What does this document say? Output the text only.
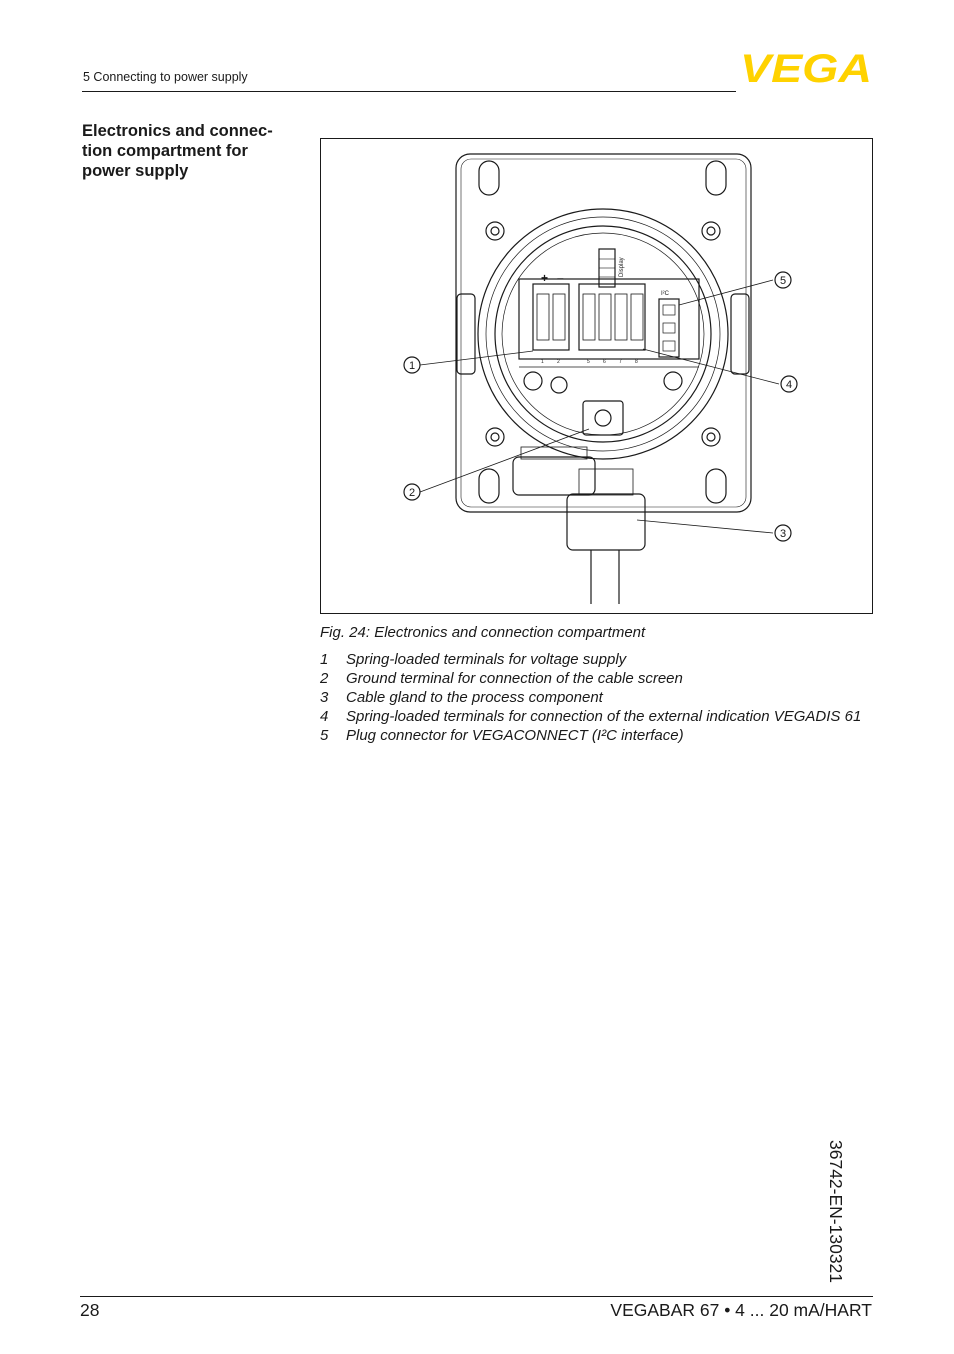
5 Connecting to power supply	VEGA
Electronics and connec-
tion compartment for
power supply
1
2
3
4
5
+ –
1	2	5	6	7	8
I²C
Display
Fig. 24: Electronics and connection compartment
1	Spring-loaded terminals for voltage supply
2	Ground terminal for connection of the cable screen
3	Cable gland to the process component
4	Spring-loaded terminals for connection of the external indication VEGADIS 61
5	Plug connector for VEGACONNECT (I²C interface)
36742-EN-130321
28	VEGABAR 67 • 4 ... 20 mA/HART
